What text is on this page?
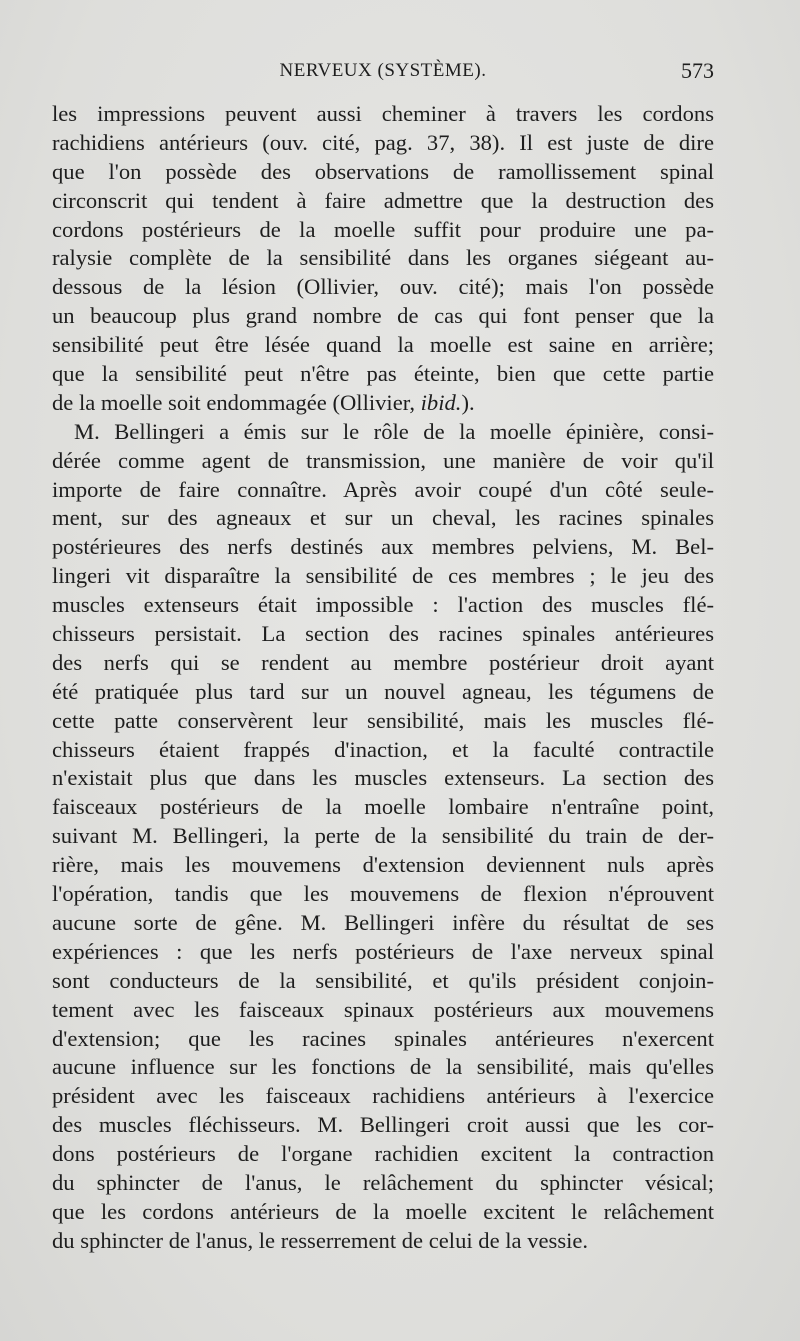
NERVEUX (SYSTÈME).	573
les impressions peuvent aussi cheminer à travers les cordons
rachidiens antérieurs (ouv. cité, pag. 37, 38). Il est juste de dire
que l'on possède des observations de ramollissement spinal
circonscrit qui tendent à faire admettre que la destruction des
cordons postérieurs de la moelle suffit pour produire une pa-
ralysie complète de la sensibilité dans les organes siégeant au-
dessous de la lésion (Ollivier, ouv. cité); mais l'on possède
un beaucoup plus grand nombre de cas qui font penser que la
sensibilité peut être lésée quand la moelle est saine en arrière;
que la sensibilité peut n'être pas éteinte, bien que cette partie
de la moelle soit endommagée (Ollivier, ibid.).
M. Bellingeri a émis sur le rôle de la moelle épinière, consi-
dérée comme agent de transmission, une manière de voir qu'il
importe de faire connaître. Après avoir coupé d'un côté seule-
ment, sur des agneaux et sur un cheval, les racines spinales
postérieures des nerfs destinés aux membres pelviens, M. Bel-
lingeri vit disparaître la sensibilité de ces membres ; le jeu des
muscles extenseurs était impossible : l'action des muscles flé-
chisseurs persistait. La section des racines spinales antérieures
des nerfs qui se rendent au membre postérieur droit ayant
été pratiquée plus tard sur un nouvel agneau, les tégumens de
cette patte conservèrent leur sensibilité, mais les muscles flé-
chisseurs étaient frappés d'inaction, et la faculté contractile
n'existait plus que dans les muscles extenseurs. La section des
faisceaux postérieurs de la moelle lombaire n'entraîne point,
suivant M. Bellingeri, la perte de la sensibilité du train de der-
rière, mais les mouvemens d'extension deviennent nuls après
l'opération, tandis que les mouvemens de flexion n'éprouvent
aucune sorte de gêne. M. Bellingeri infère du résultat de ses
expériences : que les nerfs postérieurs de l'axe nerveux spinal
sont conducteurs de la sensibilité, et qu'ils président conjoin-
tement avec les faisceaux spinaux postérieurs aux mouvemens
d'extension; que les racines spinales antérieures n'exercent
aucune influence sur les fonctions de la sensibilité, mais qu'elles
président avec les faisceaux rachidiens antérieurs à l'exercice
des muscles fléchisseurs. M. Bellingeri croit aussi que les cor-
dons postérieurs de l'organe rachidien excitent la contraction
du sphincter de l'anus, le relâchement du sphincter vésical;
que les cordons antérieurs de la moelle excitent le relâchement
du sphincter de l'anus, le resserrement de celui de la vessie.
